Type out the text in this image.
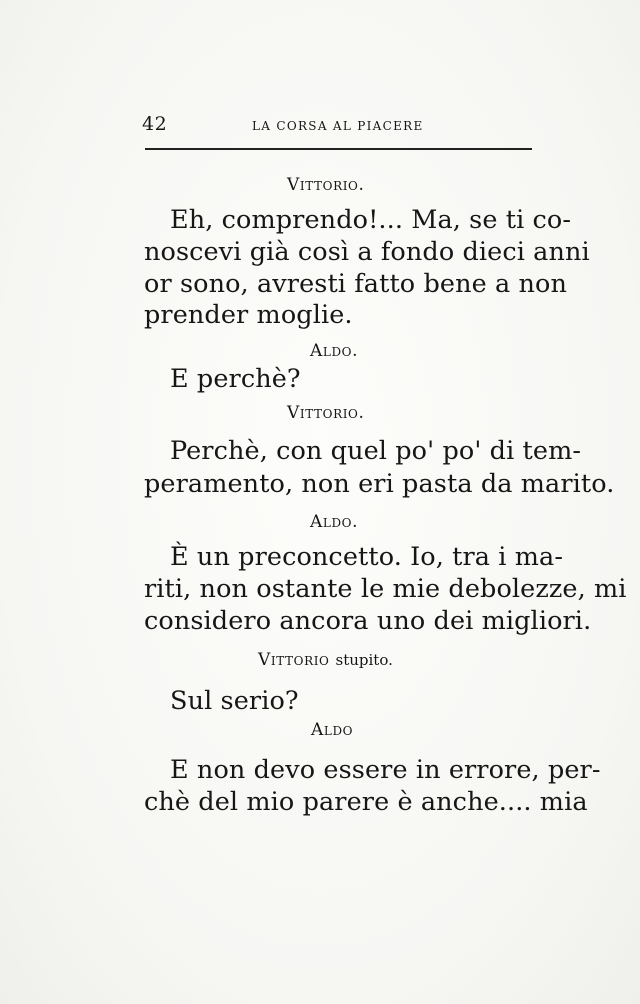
42	LA CORSA AL PIACERE
Vittorio.
Eh, comprendo!... Ma, se ti co-
noscevi già così a fondo dieci anni
or sono, avresti fatto bene a non
prender moglie.
Aldo.
E perchè?
Vittorio.
Perchè, con quel po' po' di tem-
peramento, non eri pasta da marito.
Aldo.
È un preconcetto. Io, tra i ma-
riti, non ostante le mie debolezze, mi
considero ancora uno dei migliori.
Vittorio stupito.
Sul serio?
Aldo
E non devo essere in errore, per-
chè del mio parere è anche.... mia
